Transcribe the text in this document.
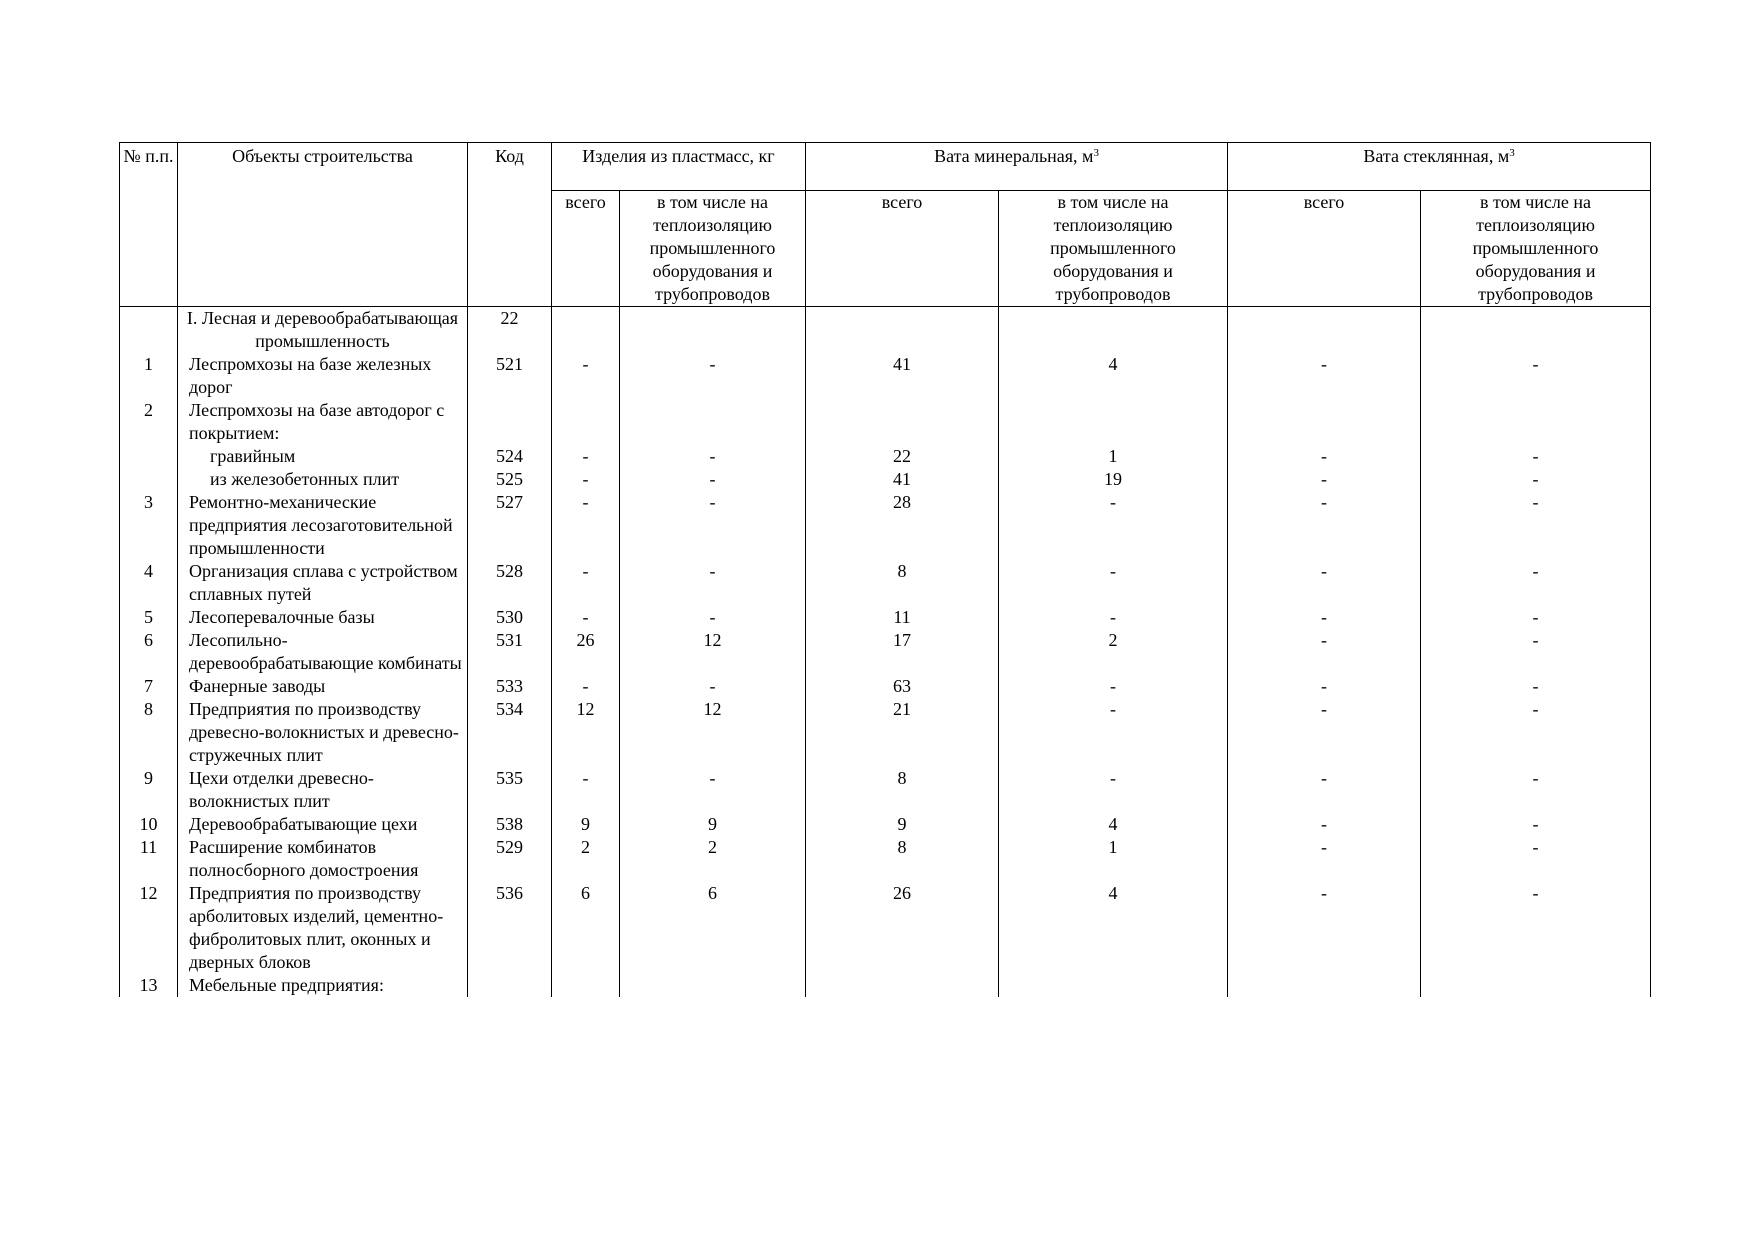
№ п.п.	Объекты строительства	Код	Изделия из пластмасс, кг		Вата минеральная, $м^3$		Вата стеклянная, $м^3$
			всего	в том числе на теплоизоляцию промышленного оборудования и трубопроводов	всего	в том числе на теплоизоляцию промышленного оборудования и трубопроводов	всего	в том числе на теплоизоляцию промышленного оборудования и трубопроводов
	I. Лесная и деревообрабатывающая промышленность	22						
1	Леспромхозы на базе железных дорог	521	-	-	41	4	-	-
2	Леспромхозы на базе автодорог с покрытием:							
	гравийным	524	-	-	22	1	-	-
	из железобетонных плит	525	-	-	41	19	-	-
3	Ремонтно-механические предприятия лесозаготовительной промышленности	527	-	-	28	-	-	-
4	Организация сплава с устройством сплавных путей	528	-	-	8	-	-	-
5	Лесоперевалочные базы	530	-	-	11	-	-	-
6	Лесопильно-деревообрабатывающие комбинаты	531	26	12	17	2	-	-
7	Фанерные заводы	533	-	-	63	-	-	-
8	Предприятия по производству древесно-волокнистых и древесно-стружечных плит	534	12	12	21	-	-	-
9	Цехи отделки древесно-волокнистых плит	535	-	-	8	-	-	-
10	Деревообрабатывающие цехи	538	9	9	9	4	-	-
11	Расширение комбинатов полносборного домостроения	529	2	2	8	1	-	-
12	Предприятия по производству арболитовых изделий, цементно-фибролитовых плит, оконных и дверных блоков	536	6	6	26	4	-	-
13	Мебельные предприятия:							
